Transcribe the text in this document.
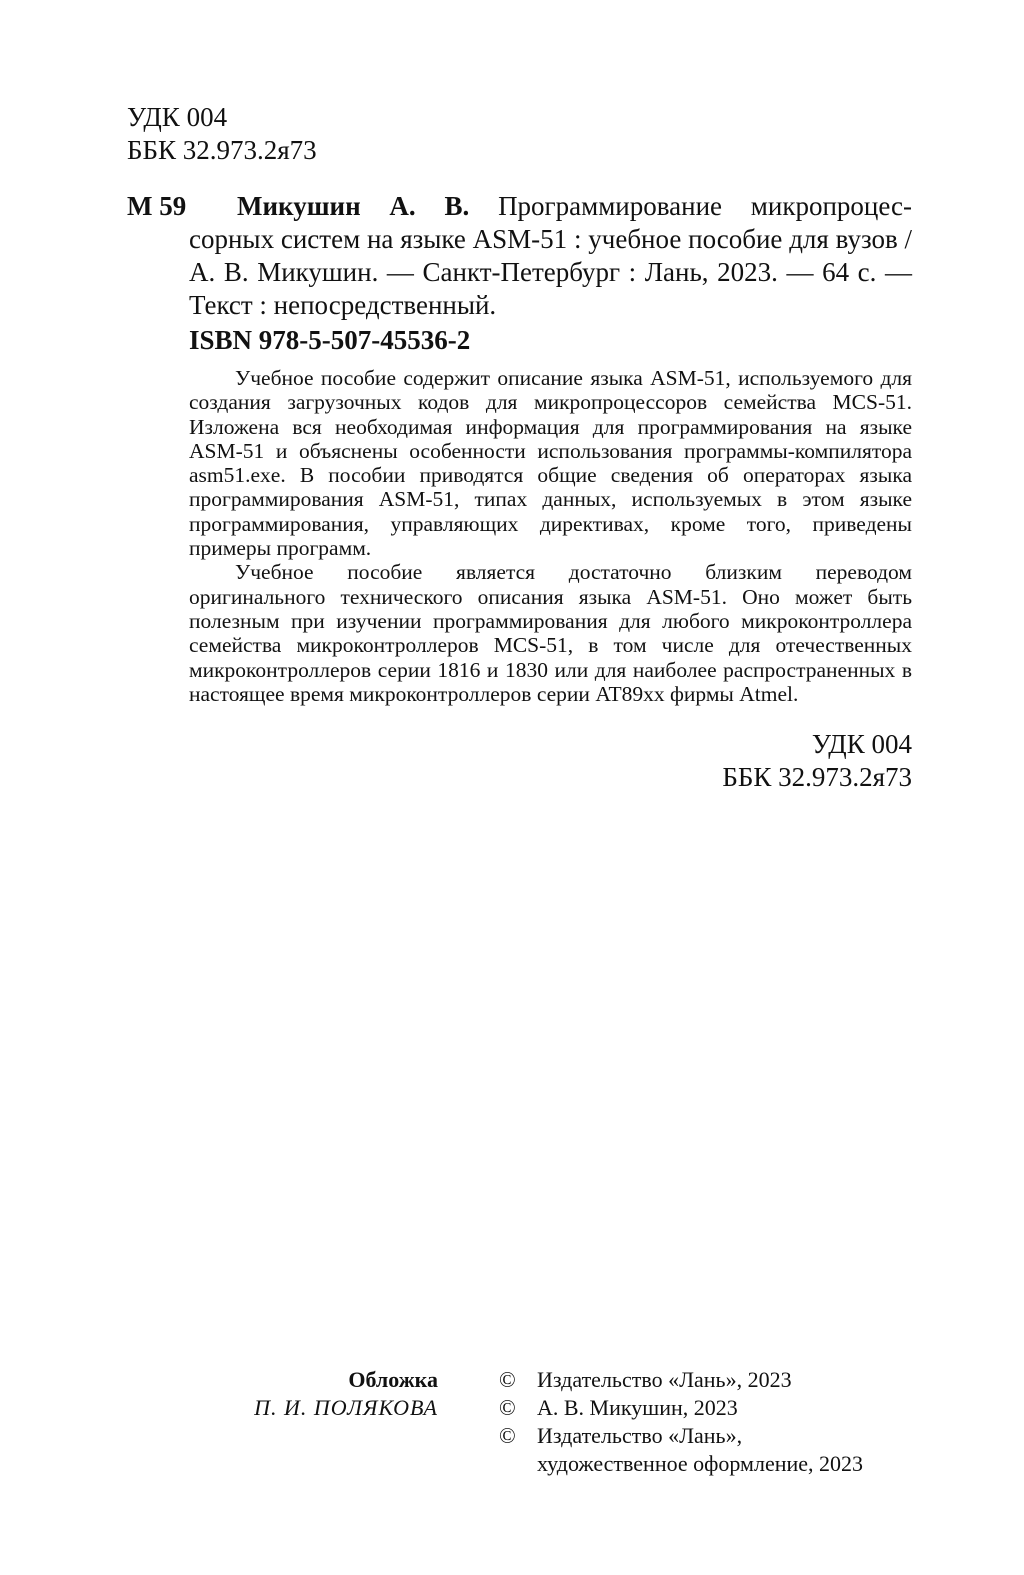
УДК 004
ББК 32.973.2я73
М 59	Микушин А. В. Программирование микропроцес-
сорных систем на языке ASM-51 : учебное пособие для вузов / А. В. Микушин. — Санкт-Петербург : Лань, 2023. — 64 с. — Текст : непосредственный.
ISBN 978-5-507-45536-2

Учебное пособие содержит описание языка ASM-51, используемого для создания загрузочных кодов для микропроцессоров семейства MCS-51. Изложена вся необходимая информация для программирования на языке ASM-51 и объяснены особенности использования программы-компилятора asm51.exe. В пособии приводятся общие сведения об операторах языка программирования ASM-51, типах данных, используемых в этом языке программирования, управляющих директивах, кроме того, приведены примеры программ.

Учебное пособие является достаточно близким переводом оригинального технического описания языка ASM-51. Оно может быть полезным при изучении программирования для любого микроконтроллера семейства микроконтроллеров MCS-51, в том числе для отечественных микроконтроллеров серии 1816 и 1830 или для наиболее распространенных в настоящее время микроконтроллеров серии AT89xx фирмы Atmel.

УДК 004
ББК 32.973.2я73
Обложка
П. И. ПОЛЯКОВА
© Издательство «Лань», 2023
© А. В. Микушин, 2023
© Издательство «Лань»,
художественное оформление, 2023
